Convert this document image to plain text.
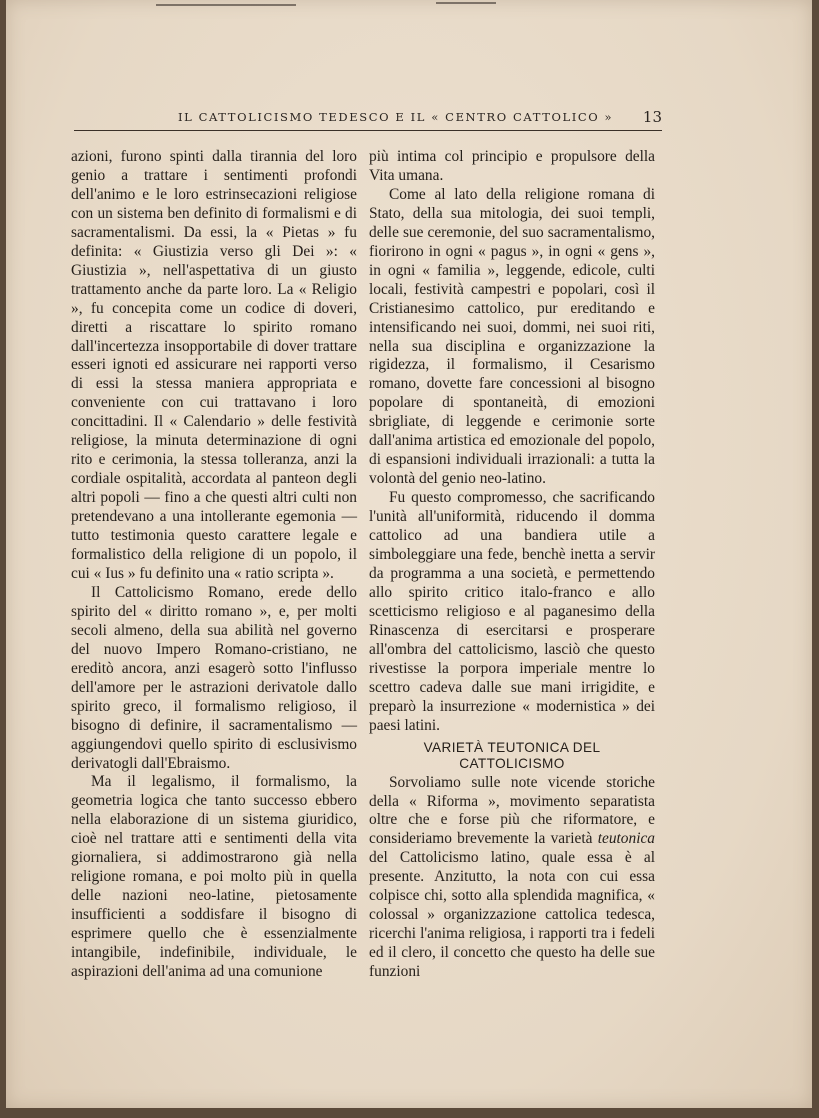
IL CATTOLICISMO TEDESCO E IL « CENTRO CATTOLICO » 13

azioni, furono spinti dalla tirannia del loro genio a trattare i sentimenti profondi dell'animo e le loro estrinsecazioni religiose con un sistema ben definito di formalismi e di sacramentalismi. Da essi, la « Pietas » fu definita: « Giustizia verso gli Dei »: « Giustizia », nell'aspettativa di un giusto trattamento anche da parte loro. La « Religio », fu concepita come un codice di doveri, diretti a riscattare lo spirito romano dall'incertezza insopportabile di dover trattare esseri ignoti ed assicurare nei rapporti verso di essi la stessa maniera appropriata e conveniente con cui trattavano i loro concittadini. Il « Calendario » delle festività religiose, la minuta determinazione di ogni rito e cerimonia, la stessa tolleranza, anzi la cordiale ospitalità, accordata al panteon degli altri popoli — fino a che questi altri culti non pretendevano a una intollerante egemonia — tutto testimonia questo carattere legale e formalistico della religione di un popolo, il cui « Ius » fu definito una « ratio scripta ».

Il Cattolicismo Romano, erede dello spirito del « diritto romano », e, per molti secoli almeno, della sua abilità nel governo del nuovo Impero Romano-cristiano, ne ereditò ancora, anzi esagerò sotto l'influsso dell'amore per le astrazioni derivatole dallo spirito greco, il formalismo religioso, il bisogno di definire, il sacramentalismo — aggiungendovi quello spirito di esclusivismo derivatogli dall'Ebraismo.

Ma il legalismo, il formalismo, la geometria logica che tanto successo ebbero nella elaborazione di un sistema giuridico, cioè nel trattare atti e sentimenti della vita giornaliera, si addimostrarono già nella religione romana, e poi molto più in quella delle nazioni neo-latine, pietosamente insufficienti a soddisfare il bisogno di esprimere quello che è essenzialmente intangibile, indefinibile, individuale, le aspirazioni dell'anima ad una comunione

più intima col principio e propulsore della Vita umana.

Come al lato della religione romana di Stato, della sua mitologia, dei suoi templi, delle sue ceremonie, del suo sacramentalismo, fiorirono in ogni « pagus », in ogni « gens », in ogni « familia », leggende, edicole, culti locali, festività campestri e popolari, così il Cristianesimo cattolico, pur ereditando e intensificando nei suoi, dommi, nei suoi riti, nella sua disciplina e organizzazione la rigidezza, il formalismo, il Cesarismo romano, dovette fare concessioni al bisogno popolare di spontaneità, di emozioni sbrigliate, di leggende e cerimonie sorte dall'anima artistica ed emozionale del popolo, di espansioni individuali irrazionali: a tutta la volontà del genio neo-latino.

Fu questo compromesso, che sacrificando l'unità all'uniformità, riducendo il domma cattolico ad una bandiera utile a simboleggiare una fede, benchè inetta a servir da programma a una società, e permettendo allo spirito critico italo-franco e allo scetticismo religioso e al paganesimo della Rinascenza di esercitarsi e prosperare all'ombra del cattolicismo, lasciò che questo rivestisse la porpora imperiale mentre lo scettro cadeva dalle sue mani irrigidite, e preparò la insurrezione « modernistica » dei paesi latini.

VARIETÀ TEUTONICA DEL
CATTOLICISMO

Sorvoliamo sulle note vicende storiche della « Riforma », movimento separatista oltre che e forse più che riformatore, e consideriamo brevemente la varietà teutonica del Cattolicismo latino, quale essa è al presente. Anzitutto, la nota con cui essa colpisce chi, sotto alla splendida magnifica, « colossal » organizzazione cattolica tedesca, ricerchi l'anima religiosa, i rapporti tra i fedeli ed il clero, il concetto che questo ha delle sue funzioni
